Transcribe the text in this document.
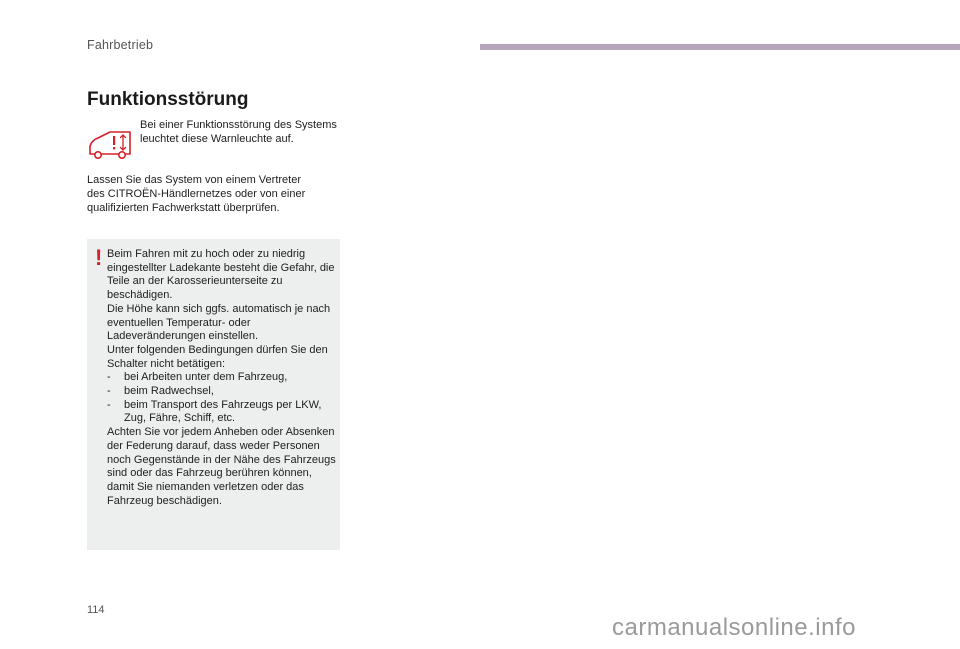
Fahrbetrieb
Funktionsstörung
Bei einer Funktionsstörung des Systems leuchtet diese Warnleuchte auf.
Lassen Sie das System von einem Vertreter
des CITROËN-Händlernetzes oder von einer
qualifizierten Fachwerkstatt überprüfen.
! Beim Fahren mit zu hoch oder zu niedrig eingestellter Ladekante besteht die Gefahr, die Teile an der Karosserieunterseite zu beschädigen.

Die Höhe kann sich ggfs. automatisch je nach eventuellen Temperatur- oder Ladeveränderungen einstellen.

Unter folgenden Bedingungen dürfen Sie den Schalter nicht betätigen:

- bei Arbeiten unter dem Fahrzeug,
- beim Radwechsel,
- beim Transport des Fahrzeugs per LKW, Zug, Fähre, Schiff, etc.

Achten Sie vor jedem Anheben oder Absenken der Federung darauf, dass weder Personen noch Gegenstände in der Nähe des Fahrzeugs sind oder das Fahrzeug berühren können, damit Sie niemanden verletzen oder das Fahrzeug beschädigen.

114
carmanualsonline.info
